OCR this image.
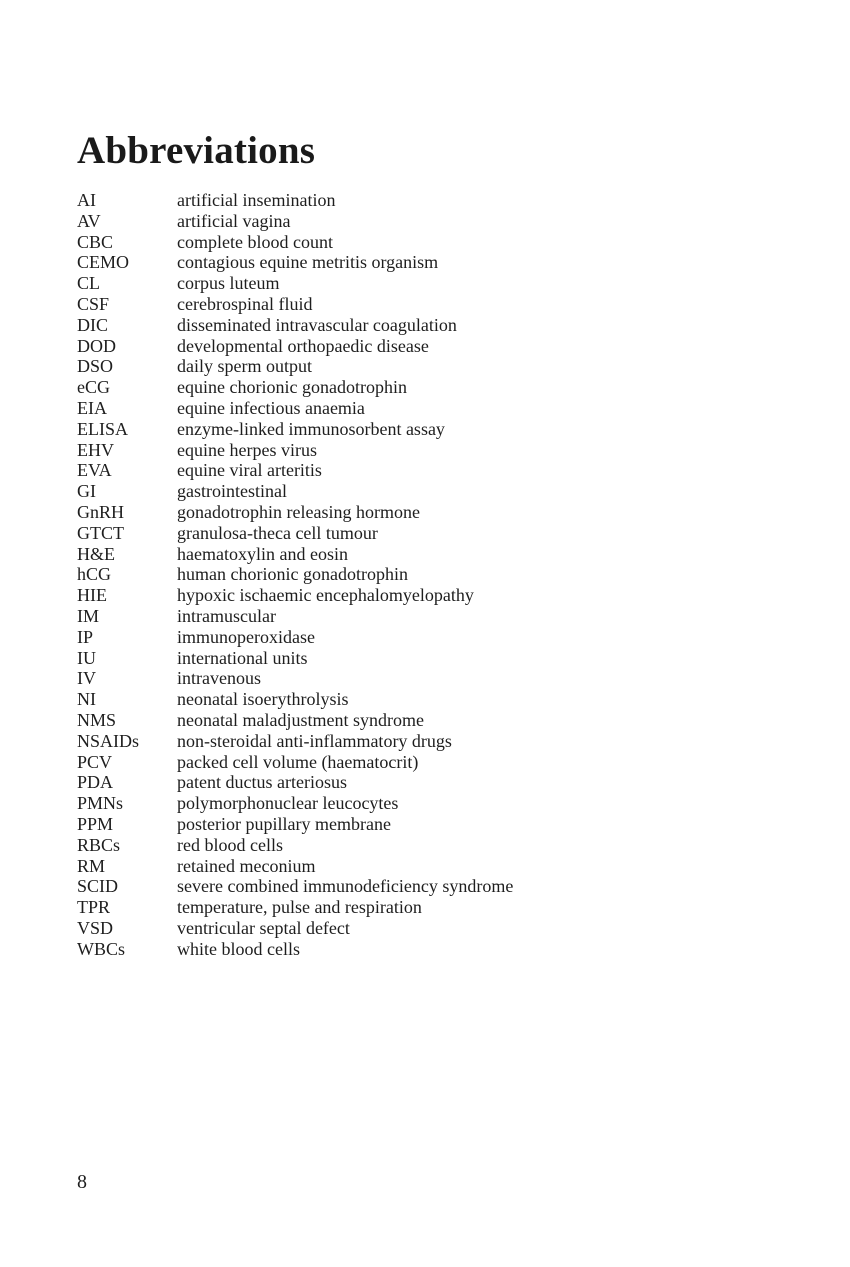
Abbreviations
AI	artificial insemination
AV	artificial vagina
CBC	complete blood count
CEMO	contagious equine metritis organism
CL	corpus luteum
CSF	cerebrospinal fluid
DIC	disseminated intravascular coagulation
DOD	developmental orthopaedic disease
DSO	daily sperm output
eCG	equine chorionic gonadotrophin
EIA	equine infectious anaemia
ELISA	enzyme-linked immunosorbent assay
EHV	equine herpes virus
EVA	equine viral arteritis
GI	gastrointestinal
GnRH	gonadotrophin releasing hormone
GTCT	granulosa-theca cell tumour
H&E	haematoxylin and eosin
hCG	human chorionic gonadotrophin
HIE	hypoxic ischaemic encephalomyelopathy
IM	intramuscular
IP	immunoperoxidase
IU	international units
IV	intravenous
NI	neonatal isoerythrolysis
NMS	neonatal maladjustment syndrome
NSAIDs non-steroidal anti-inflammatory drugs
PCV	packed cell volume (haematocrit)
PDA	patent ductus arteriosus
PMNs	polymorphonuclear leucocytes
PPM	posterior pupillary membrane
RBCs	red blood cells
RM	retained meconium
SCID	severe combined immunodeficiency syndrome
TPR	temperature, pulse and respiration
VSD	ventricular septal defect
WBCs	white blood cells
8
